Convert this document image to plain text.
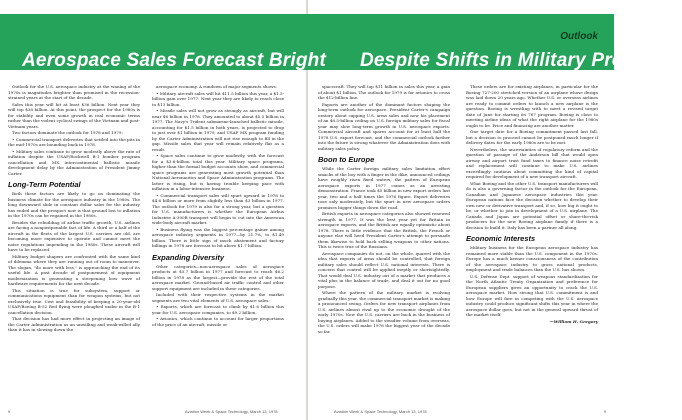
Outlook
Aerospace Sales Forecast Bright Despite Shifts in Military Programs

Outlook for the U.S. aerospace industry at the waning of the 1970s is magnitudes brighter than promised in the recession-strained years at the start of the decade.

Sales this year will hit at least $36 billion. Next year they will top $38 billion. At this point, the prospect for the 1980s is for stability and even some growth in real economic terms rather than the violent cyclical swings of the Vietnam and post-Vietnam years.

Two factors dominate the outlook for 1978 and 1979:

• Commercial transport deliveries that settled into the pits in the mid-1970s are bounding back in 1978.

• Military sales continue to grow modestly above the rate of inflation despite the USAF/Rockwell B-1 bomber program cancellation and MX intercontinental ballistic missile development delay by the Administration of President Jimmy Carter.

Long-Term Potential

Both these factors are likely to go on dominating the business climate for the aerospace industry in the 1980s. The long downward slide in constant dollar sales for the industry has ended and the prospect now is that ground lost to inflation in the 1970s can be regained in the 1980s.

Besides the rebuilding of airline traffic growth, U.S. airlines are facing a nonpostponable fact of life. A third or a half of the aircraft in the fleets of the largest U.S. carriers are old, are becoming more expensive to operate and cannot meet the noise regulations impending in the 1980s. These aircraft will have to be replaced.

Military budget shapers are confronted with the same kind of dilemma where they are running out of room to maneuver. The slogan, "do more with less," is approaching the end of its useful life. A past decade of postponement of equipment modernization is generating a steepening bow wave of hardware requirements for the next decade.

This situation is true for subsystem, support or communications equipment than for weapon systems, but not exclusively true. Cost and feasibility of keeping a 20-year-old USAF/Boeing B-52 Red flying were ploughed under in the B-1 cancellation decision.

That decision has had more effect in projecting an image of the Carter Administration as an unwilling and weak-willed ally than it has in slowing down the

aerospace economy. A rundown of major segments shows:

• Military aircraft sales will hit $11.5 billion this year, a $1.5-billion gain over 1977. Next year they are likely to reach close to $13 billion.

• Missile sales will not grow as strongly as aircraft, but will near $6 billion in 1978. They amounted to about $5.5 billion in 1977. The Navy's Trident submarine-launched ballistic missile, accounting for $1.5 billion in both years, is projected to drop to just over $1 billion in 1979, and USAF MX program funding by the Carter Administration will not rise enough to fill in the gap. Missile sales that year will remain relatively flat as a result.

• Space sales continue to grow modestly, with the forecast for a $3.6-billion total this year. Military space programs, higher than the formal budget accounts show, and commercial space programs are generating most growth potential than National Aeronautics and Space Administration programs. The latter is rising, but is having trouble keeping pace with inflation in a labor-intensive business.

• Commercial transport sales will spurt upward in 1978 to $4.6 billion or more from slightly less than $3 billion in 1977. The outlook for 1979 is also for a strong year, but a question for U.S. manufacturers is whether the European Airbus Industrie A-300B transport will begin to cut into the American wide-body aircraft market.

• Business flying was the biggest percentage gainer among aerospace industry segments in 1977—by 21.7%, to $1.49 billion. There is little sign of much abatement and factory billings in 1978 are forecast to hit above $1.7 billion.

Expanding Diversity

Other categories—non-aerospace sales of aerospace products at $5.7 billion in 1977 and forecast to reach $6.2 billion in 1978 as the largest—provide the rest of the total aerospace market. Ground-based air traffic control and other support equipment are included in these categories.

Included with their respective systems in the market segments are two vital elements of U.S. aerospace sales:

• Exports, which are forecast to climb by $1.6 billion this year for U.S. aerospace companies, to $9.2 billion.

• Avionics, which continue to account for larger proportions of the price of an aircraft, missile or

spacecraft. They will top $11 billion in sales this year, a gain of about $1 billion. The outlook for 1979 is for avionics to cross the $12-billion line.

Exports are another of the dominant factors shaping the long-term outlook for aerospace. President Carter's campaign oratory about capping U.S. arms sales and now his placement of an $8.5-billion ceiling on U.S. foreign military sales for fiscal year may slow long-term growth in U.S. aerospace exports. Commercial aircraft and spares account for at least half the 1978 U.S. export forecast, and the commercial outlook farther into the future is strong whatever the Administration does with military sales policy.

Boon to Europe

While the Carter foreign military sales limitation effort smacks of the boy with a finger in the dike, announced ceilings have roughly risen fixed waters, the pattern of European aerospace exports in 1977 comes as an arresting demonstration. France took $5 billion in new export orders last year, two and a half times the 1976 figure. Export deliveries rose only moderately, but the spurt in new aerospace orders promises bigger things down the road.

British exports in aerospace categories also showed renewed strength in 1977. It was the best year yet for Britain in aerospace exports, and the British are equally optimistic about 1978. There is little evidence that the British, the French or anyone else will heed President Carter's attempt to persuade them likewise to hold back selling weapons to other nations. This is twice true of the Russians.

Aerospace companies do not, on the whole, quarrel with the idea that exports of arms should be controlled, that foreign military sales should reflect U.S. national interests. There is concern that control will be applied ineptly or shortsightedly. That would deal U.S. industry out of a market that produces a vital plus in the balance of trade, and deal it out for no good purpose.

Where the pattern of the military market is evolving gradually this year, the commercial transport market is making a pronounced swing. Orders for new transport airplanes from U.S. airlines almost rival up to the economic drought of the early 1970s. Now the U.S. carriers are back in the business of buying airplanes. Added to the steadier volume from overseas, the U.S. orders will make 1978 the biggest year of the decade so far.

These orders are for existing airplanes, in particular for the Boeing 727-200 stretched version of an airplane whose design was laid down 20 years ago. Whether U.S. or overseas airlines are ready to commit orders to launch a new airplane is the question. Boeing is wrestling with to meet a revised target date of June for starting its 767 program. Boeing is close to meeting airline ideas of what the right airplane for the 1980s ought to be. Price and financing are another matter.

One target date for a Boeing commitment passed last fall, but a decision to proceed cannot be postponed much longer if delivery dates for the early 1980s are to be met.

Nevertheless, the uncertainties of regulatory reform and the question of passage of the Anderson bill that would open airway and airport trust fund taxes to finance noise retrofit and replacement will continue to make U.S. airlines exceedingly cautious about committing the kind of capital required for development of a new transport aircraft.

What Boeing and the other U.S. transport manufacturers will do is also a governing factor in the outlook for the European, Canadian and Japanese aerospace industries this year. European nations face the decision whether to develop their own new or derivative transport and, if so, how big it ought to be, or whether to join in development of a U.S. airplane. The Canada and Japan are potential offset or share-the-risk producers for the new Boeing airplane family if there is a decision to build it. Italy has been a partner all along.

Economic Interests

Military business for the European aerospace industry has remained more stable than the U.S. component in the 1970s. Europe has a much keener consciousness of the contribution of the aerospace industry to gross national products, employment and trade balances than the U.S. has shown.

U.S. Defense Dept. support of weapons standardization for the North Atlantic Treaty Organization and preference for European suppliers gives an opportunity to crack the U.S. aerospace market. How strong that U.S. commitment is and how Europe will fare in competing with the U.S. aerospace industry could produce significant shifts this year in where the aerospace dollar goes, but not in the general upward thrust of the market itself.

—William H. Gregory

9	Aviation Week & Space Technology, March 13, 1978	Aviation Week & Space Technology, March 13, 1978	9
